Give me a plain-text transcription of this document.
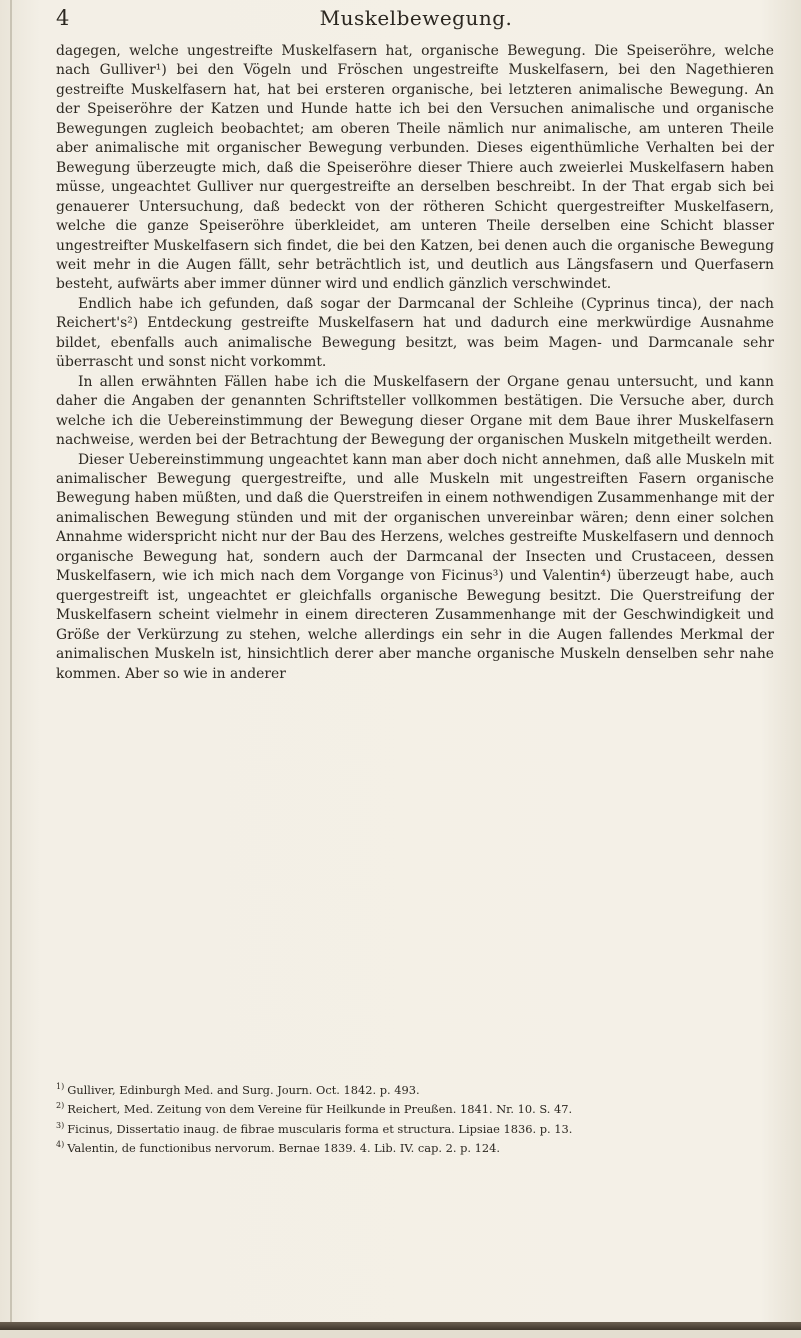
4	Muskelbewegung.

dagegen, welche ungestreifte Muskelfasern hat, organische Bewegung. Die Speiseröhre, welche nach Gulliver¹) bei den Vögeln und Fröschen ungestreifte Muskelfasern, bei den Nagethieren gestreifte Muskelfasern hat, hat bei ersteren organische, bei letzteren animalische Bewegung. An der Speiseröhre der Katzen und Hunde hatte ich bei den Versuchen animalische und organische Bewegungen zugleich beobachtet; am oberen Theile nämlich nur animalische, am unteren Theile aber animalische mit organischer Bewegung verbunden. Dieses eigenthümliche Verhalten bei der Bewegung überzeugte mich, daß die Speiseröhre dieser Thiere auch zweierlei Muskelfasern haben müsse, ungeachtet Gulliver nur quergestreifte an derselben beschreibt. In der That ergab sich bei genauerer Untersuchung, daß bedeckt von der rötheren Schicht quergestreifter Muskelfasern, welche die ganze Speiseröhre überkleidet, am unteren Theile derselben eine Schicht blasser ungestreifter Muskelfasern sich findet, die bei den Katzen, bei denen auch die organische Bewegung weit mehr in die Augen fällt, sehr beträchtlich ist, und deutlich aus Längsfasern und Querfasern besteht, aufwärts aber immer dünner wird und endlich gänzlich verschwindet.

Endlich habe ich gefunden, daß sogar der Darmcanal der Schleihe (Cyprinus tinca), der nach Reichert's²) Entdeckung gestreifte Muskelfasern hat und dadurch eine merkwürdige Ausnahme bildet, ebenfalls auch animalische Bewegung besitzt, was beim Magen- und Darmcanale sehr überrascht und sonst nicht vorkommt.

In allen erwähnten Fällen habe ich die Muskelfasern der Organe genau untersucht, und kann daher die Angaben der genannten Schriftsteller vollkommen bestätigen. Die Versuche aber, durch welche ich die Uebereinstimmung der Bewegung dieser Organe mit dem Baue ihrer Muskelfasern nachweise, werden bei der Betrachtung der Bewegung der organischen Muskeln mitgetheilt werden.

Dieser Uebereinstimmung ungeachtet kann man aber doch nicht annehmen, daß alle Muskeln mit animalischer Bewegung quergestreifte, und alle Muskeln mit ungestreiften Fasern organische Bewegung haben müßten, und daß die Querstreifen in einem nothwendigen Zusammenhange mit der animalischen Bewegung stünden und mit der organischen unvereinbar wären; denn einer solchen Annahme widerspricht nicht nur der Bau des Herzens, welches gestreifte Muskelfasern und dennoch organische Bewegung hat, sondern auch der Darmcanal der Insecten und Crustaceen, dessen Muskelfasern, wie ich mich nach dem Vorgange von Ficinus³) und Valentin⁴) überzeugt habe, auch quergestreift ist, ungeachtet er gleichfalls organische Bewegung besitzt. Die Querstreifung der Muskelfasern scheint vielmehr in einem directeren Zusammenhange mit der Geschwindigkeit und Größe der Verkürzung zu stehen, welche allerdings ein sehr in die Augen fallendes Merkmal der animalischen Muskeln ist, hinsichtlich derer aber manche organische Muskeln denselben sehr nahe kommen. Aber so wie in anderer

$^{1)}$ Gulliver, Edinburgh Med. and Surg. Journ. Oct. 1842. p. 493.

$^{2)}$ Reichert, Med. Zeitung von dem Vereine für Heilkunde in Preußen. 1841. Nr. 10. S. 47.

$^{3)}$ Ficinus, Dissertatio inaug. de fibrae muscularis forma et structura. Lipsiae 1836. p. 13.

$^{4)}$ Valentin, de functionibus nervorum. Bernae 1839. 4. Lib. IV. cap. 2. p. 124.
